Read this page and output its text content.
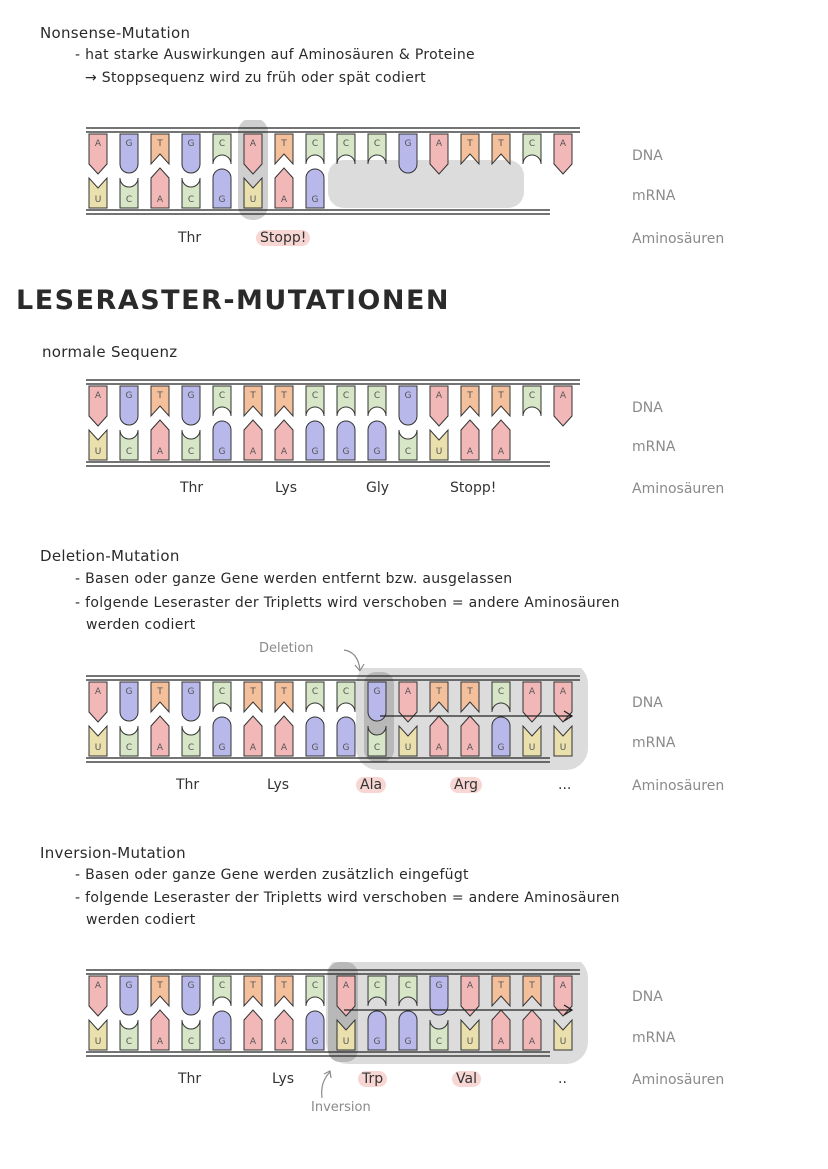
Nonsense-Mutation
- hat starke Auswirkungen auf Aminosäuren & Proteine
→ Stoppsequenz wird zu früh oder spät codiert
A	G	T	G	C	A	T	C	C	C	G	A	T	T	C	A
U	C	A	C	G	U	A	G
DNA
mRNA
Aminosäuren
Thr	Stopp!
LESERASTER-MUTATIONEN
normale Sequenz
A	G	T	G	C	T	T	C	C	C	G	A	T	T	C	A
U	C	A	C	G	A	A	G	G	G	C	U	A	A
DNA
mRNA
Aminosäuren
Thr	Lys	Gly	Stopp!
Deletion-Mutation
- Basen oder ganze Gene werden entfernt bzw. ausgelassen
- folgende Leseraster der Tripletts wird verschoben = andere Aminosäuren
werden codiert
Deletion
A	G	T	G	C	T	T	C	C	G	A	T	T	C	A	A
U	C	A	C	G	A	A	G	G	C	U	A	A	G	U	U
DNA
mRNA
Aminosäuren
Thr	Lys	Ala	Arg	...
Inversion-Mutation
- Basen oder ganze Gene werden zusätzlich eingefügt
- folgende Leseraster der Tripletts wird verschoben = andere Aminosäuren
werden codiert
A	G	T	G	C	T	T	C	A	C	C	G	A	T	T	A
U	C	A	C	G	A	A	G	U	G	G	C	U	A	A	U
DNA
mRNA
Aminosäuren
Thr	Lys	Trp	Val	..
Inversion
